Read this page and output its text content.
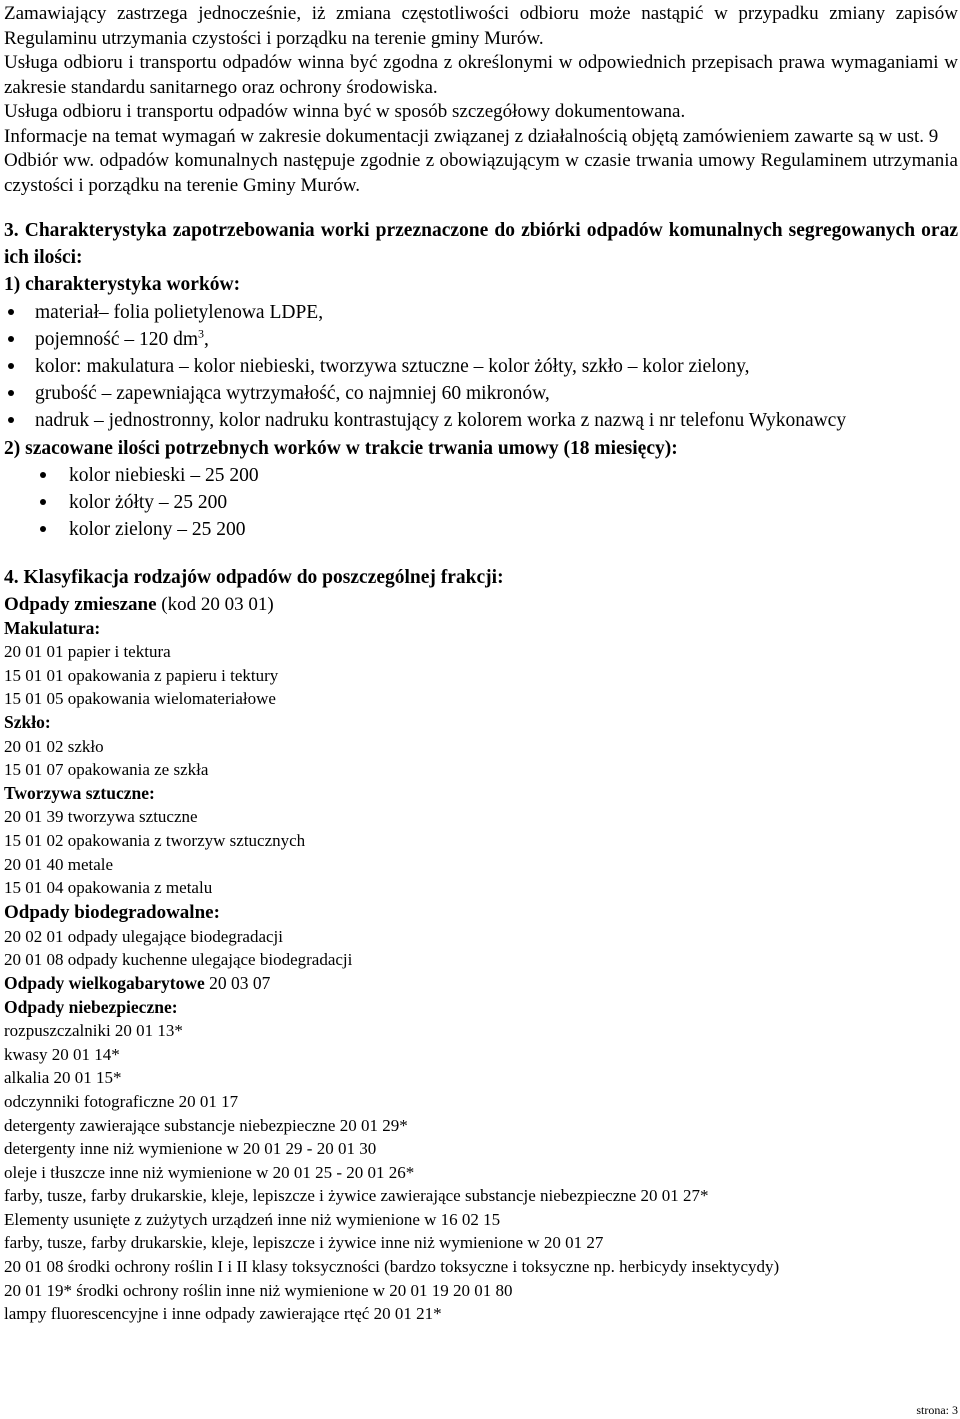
Zamawiający zastrzega jednocześnie, iż zmiana częstotliwości odbioru może nastąpić w przypadku zmiany zapisów Regulaminu utrzymania czystości i porządku na terenie gminy Murów.

Usługa odbioru i transportu odpadów winna być zgodna z określonymi w odpowiednich przepisach prawa wymaganiami w zakresie standardu sanitarnego oraz ochrony środowiska.

Usługa odbioru i transportu odpadów winna być w sposób szczegółowy dokumentowana.

Informacje na temat wymagań w zakresie dokumentacji związanej z działalnością objętą zamówieniem zawarte są w ust. 9

Odbiór ww. odpadów komunalnych następuje zgodnie z obowiązującym w czasie trwania umowy Regulaminem utrzymania czystości i porządku na terenie Gminy Murów.

3. Charakterystyka zapotrzebowania worki przeznaczone do zbiórki odpadów komunalnych segregowanych oraz ich ilości:

1) charakterystyka worków:

materiał– folia polietylenowa LDPE,
pojemność – 120 $dm^3$,
kolor: makulatura – kolor niebieski, tworzywa sztuczne – kolor żółty, szkło – kolor zielony,
grubość – zapewniająca wytrzymałość, co najmniej 60 mikronów,
nadruk – jednostronny, kolor nadruku kontrastujący z kolorem worka z nazwą i nr telefonu Wykonawcy

2) szacowane ilości potrzebnych worków w trakcie trwania umowy (18 miesięcy):

kolor niebieski – 25 200
kolor żółty – 25 200
kolor zielony – 25 200

4. Klasyfikacja rodzajów odpadów do poszczególnej frakcji:

Odpady zmieszane (kod 20 03 01)

Makulatura:

20 01 01 papier i tektura

15 01 01 opakowania z papieru i tektury

15 01 05 opakowania wielomateriałowe

Szkło:

20 01 02 szkło

15 01 07 opakowania ze szkła

Tworzywa sztuczne:

20 01 39 tworzywa sztuczne

15 01 02 opakowania z tworzyw sztucznych

20 01 40 metale

15 01 04 opakowania z metalu

Odpady biodegradowalne:

20 02 01 odpady ulegające biodegradacji

20 01 08 odpady kuchenne ulegające biodegradacji

Odpady wielkogabarytowe 20 03 07

Odpady niebezpieczne:

rozpuszczalniki 20 01 13*

kwasy 20 01 14*

alkalia 20 01 15*

odczynniki fotograficzne 20 01 17

detergenty zawierające substancje niebezpieczne 20 01 29*

detergenty inne niż wymienione w 20 01 29 - 20 01 30

oleje i tłuszcze inne niż wymienione w 20 01 25 - 20 01 26*

farby, tusze, farby drukarskie, kleje, lepiszcze i żywice zawierające substancje niebezpieczne 20 01 27*

Elementy usunięte z zużytych urządzeń inne niż wymienione w 16 02 15

farby, tusze, farby drukarskie, kleje, lepiszcze i żywice inne niż wymienione w 20 01 27

20 01 08 środki ochrony roślin I i II klasy toksyczności (bardzo toksyczne i toksyczne np. herbicydy insektycydy)

20 01 19* środki ochrony roślin inne niż wymienione w 20 01 19 20 01 80

lampy fluorescencyjne i inne odpady zawierające rtęć 20 01 21*

strona: 3
